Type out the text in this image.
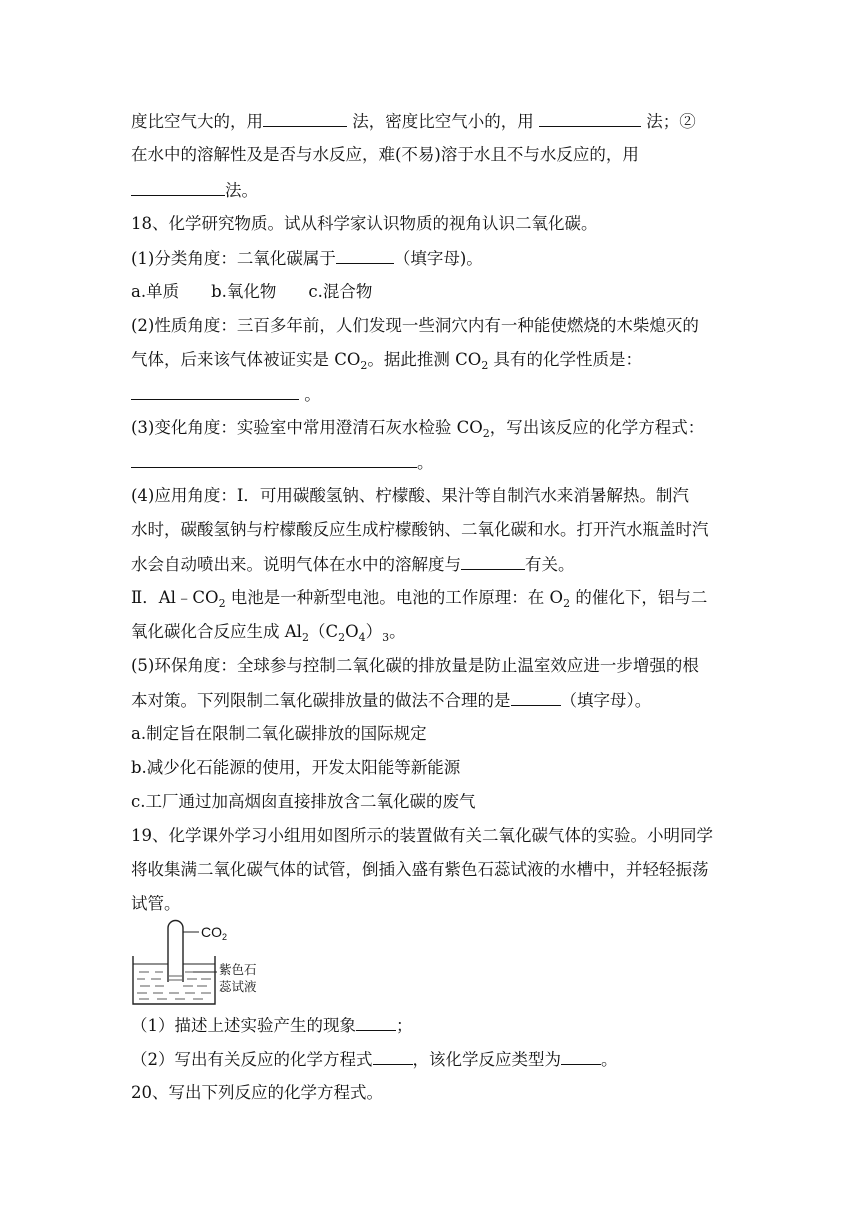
度比空气大的，用	法，密度比空气小的，用	法；②
在水中的溶解性及是否与水反应，难(不易)溶于水且不与水反应的，用
法。
18、化学研究物质。试从科学家认识物质的视角认识二氧化碳。
(1)分类角度：二氧化碳属于	（填字母)。
a.单质 b.氧化物 c.混合物
(2)性质角度：三百多年前，人们发现一些洞穴内有一种能使燃烧的木柴熄灭的
气体，后来该气体被证实是 $CO_2$。据此推测 $CO_2$ 具有的化学性质是：
。
(3)变化角度：实验室中常用澄清石灰水检验 $CO_2$，写出该反应的化学方程式：
。
(4)应用角度：Ⅰ．可用碳酸氢钠、柠檬酸、果汁等自制汽水来消暑解热。制汽
水时，碳酸氢钠与柠檬酸反应生成柠檬酸钠、二氧化碳和水。打开汽水瓶盖时汽
水会自动喷出来。说明气体在水中的溶解度与	有关。
Ⅱ．$Al﹣CO_2$ 电池是一种新型电池。电池的工作原理：在 $O_2$ 的催化下，铝与二
氧化碳化合反应生成 $Al_2(C_2O_4)_3$。
(5)环保角度：全球参与控制二氧化碳的排放量是防止温室效应进一步增强的根
本对策。下列限制二氧化碳排放量的做法不合理的是	（填字母）。
a.制定旨在限制二氧化碳排放的国际规定
b.减少化石能源的使用，开发太阳能等新能源
c.工厂通过加高烟囱直接排放含二氧化碳的废气
19、化学课外学习小组用如图所示的装置做有关二氧化碳气体的实验。小明同学
将收集满二氧化碳气体的试管，倒插入盛有紫色石蕊试液的水槽中，并轻轻振荡
试管。
$CO_2$
紫色石
蕊试液
（1）描述上述实验产生的现象 ；
（2）写出有关反应的化学方程式 ，该化学反应类型为 。
20、写出下列反应的化学方程式。
